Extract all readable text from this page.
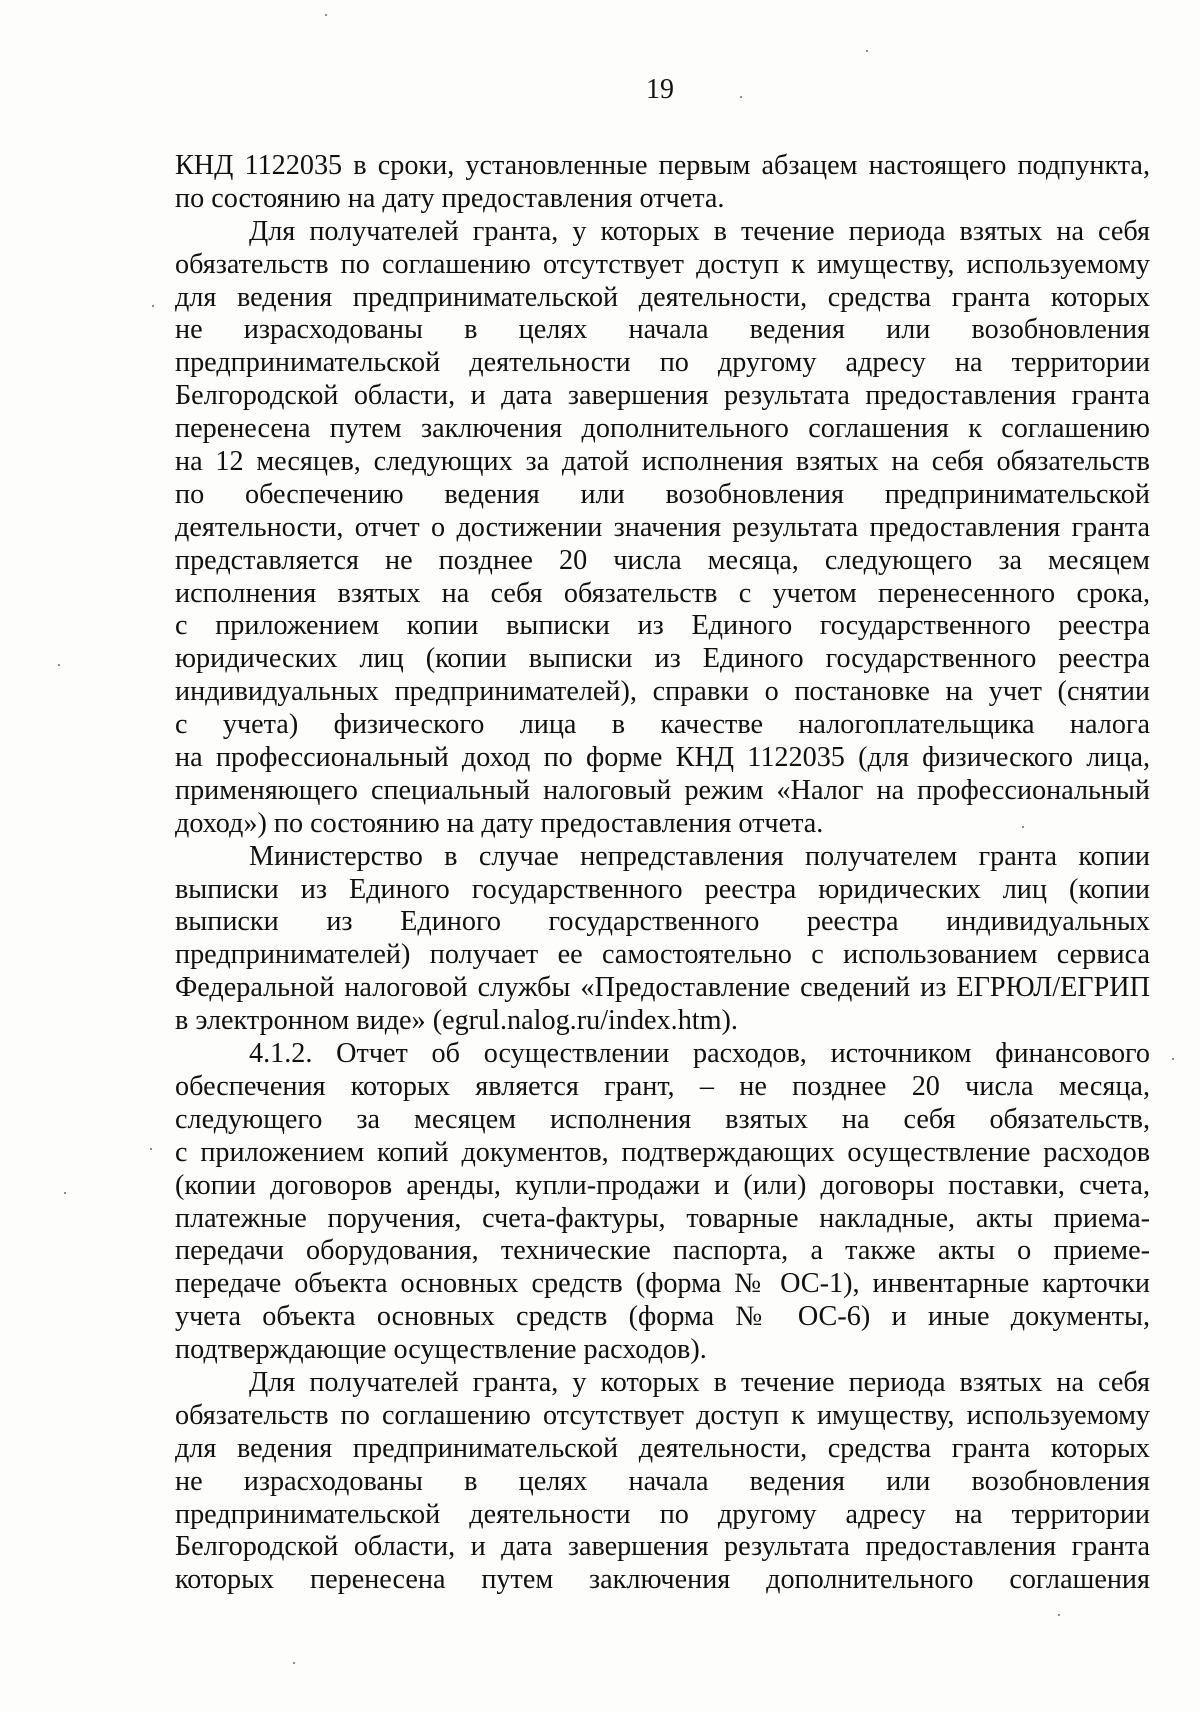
19
КНД 1122035 в сроки, установленные первым абзацем настоящего подпункта,
по состоянию на дату предоставления отчета.
Для получателей гранта, у которых в течение периода взятых на себя
обязательств по соглашению отсутствует доступ к имуществу, используемому
для ведения предпринимательской деятельности, средства гранта которых
не израсходованы в целях начала ведения или возобновления
предпринимательской деятельности по другому адресу на территории
Белгородской области, и дата завершения результата предоставления гранта
перенесена путем заключения дополнительного соглашения к соглашению
на 12 месяцев, следующих за датой исполнения взятых на себя обязательств
по обеспечению ведения или возобновления предпринимательской
деятельности, отчет о достижении значения результата предоставления гранта
представляется не позднее 20 числа месяца, следующего за месяцем
исполнения взятых на себя обязательств с учетом перенесенного срока,
с приложением копии выписки из Единого государственного реестра
юридических лиц (копии выписки из Единого государственного реестра
индивидуальных предпринимателей), справки о постановке на учет (снятии
с учета) физического лица в качестве налогоплательщика налога
на профессиональный доход по форме КНД 1122035 (для физического лица,
применяющего специальный налоговый режим «Налог на профессиональный
доход») по состоянию на дату предоставления отчета.
Министерство в случае непредставления получателем гранта копии
выписки из Единого государственного реестра юридических лиц (копии
выписки из Единого государственного реестра индивидуальных
предпринимателей) получает ее самостоятельно с использованием сервиса
Федеральной налоговой службы «Предоставление сведений из ЕГРЮЛ/ЕГРИП
в электронном виде» (egrul.nalog.ru/index.htm).
4.1.2. Отчет об осуществлении расходов, источником финансового
обеспечения которых является грант, – не позднее 20 числа месяца,
следующего за месяцем исполнения взятых на себя обязательств,
с приложением копий документов, подтверждающих осуществление расходов
(копии договоров аренды, купли-продажи и (или) договоры поставки, счета,
платежные поручения, счета-фактуры, товарные накладные, акты приема-
передачи оборудования, технические паспорта, а также акты о приеме-
передаче объекта основных средств (форма № ОС-1), инвентарные карточки
учета объекта основных средств (форма № ОС-6) и иные документы,
подтверждающие осуществление расходов).
Для получателей гранта, у которых в течение периода взятых на себя
обязательств по соглашению отсутствует доступ к имуществу, используемому
для ведения предпринимательской деятельности, средства гранта которых
не израсходованы в целях начала ведения или возобновления
предпринимательской деятельности по другому адресу на территории
Белгородской области, и дата завершения результата предоставления гранта
которых перенесена путем заключения дополнительного соглашения
